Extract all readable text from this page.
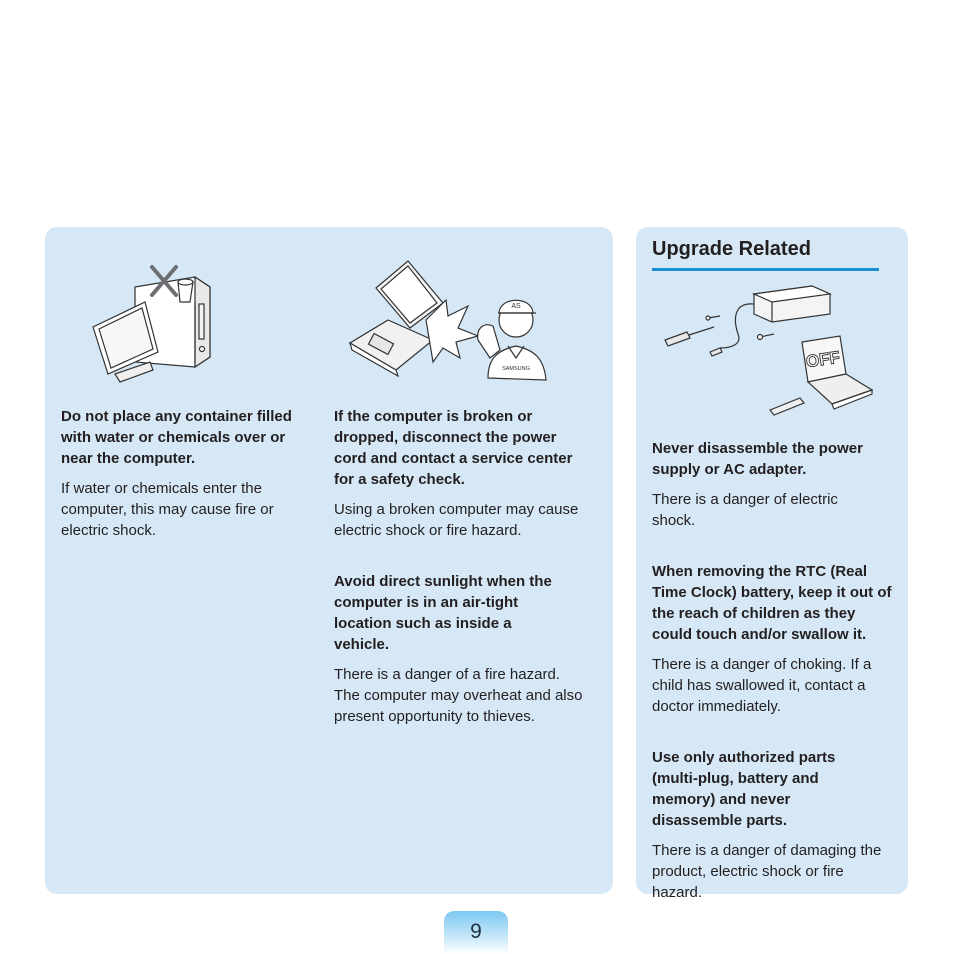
AS
SAMSUNG
Do not place any container filled with water or chemicals over or near the computer.

If water or chemicals enter the computer, this may cause fire or electric shock.

If the computer is broken or dropped, disconnect the power cord and contact a service center for a safety check.

Using a broken computer may cause electric shock or fire hazard.

Avoid direct sunlight when the computer is in an air-tight location such as inside a vehicle.

There is a danger of a fire hazard. The computer may overheat and also present opportunity to thieves.

Upgrade Related
OFF
Never disassemble the power supply or AC adapter.

There is a danger of electric shock.

When removing the RTC (Real Time Clock) battery, keep it out of the reach of children as they could touch and/or swallow it.

There is a danger of choking. If a child has swallowed it, contact a doctor immediately.

Use only authorized parts (multi-plug, battery and memory) and never disassemble parts.

There is a danger of damaging the product, electric shock or fire hazard.

9
